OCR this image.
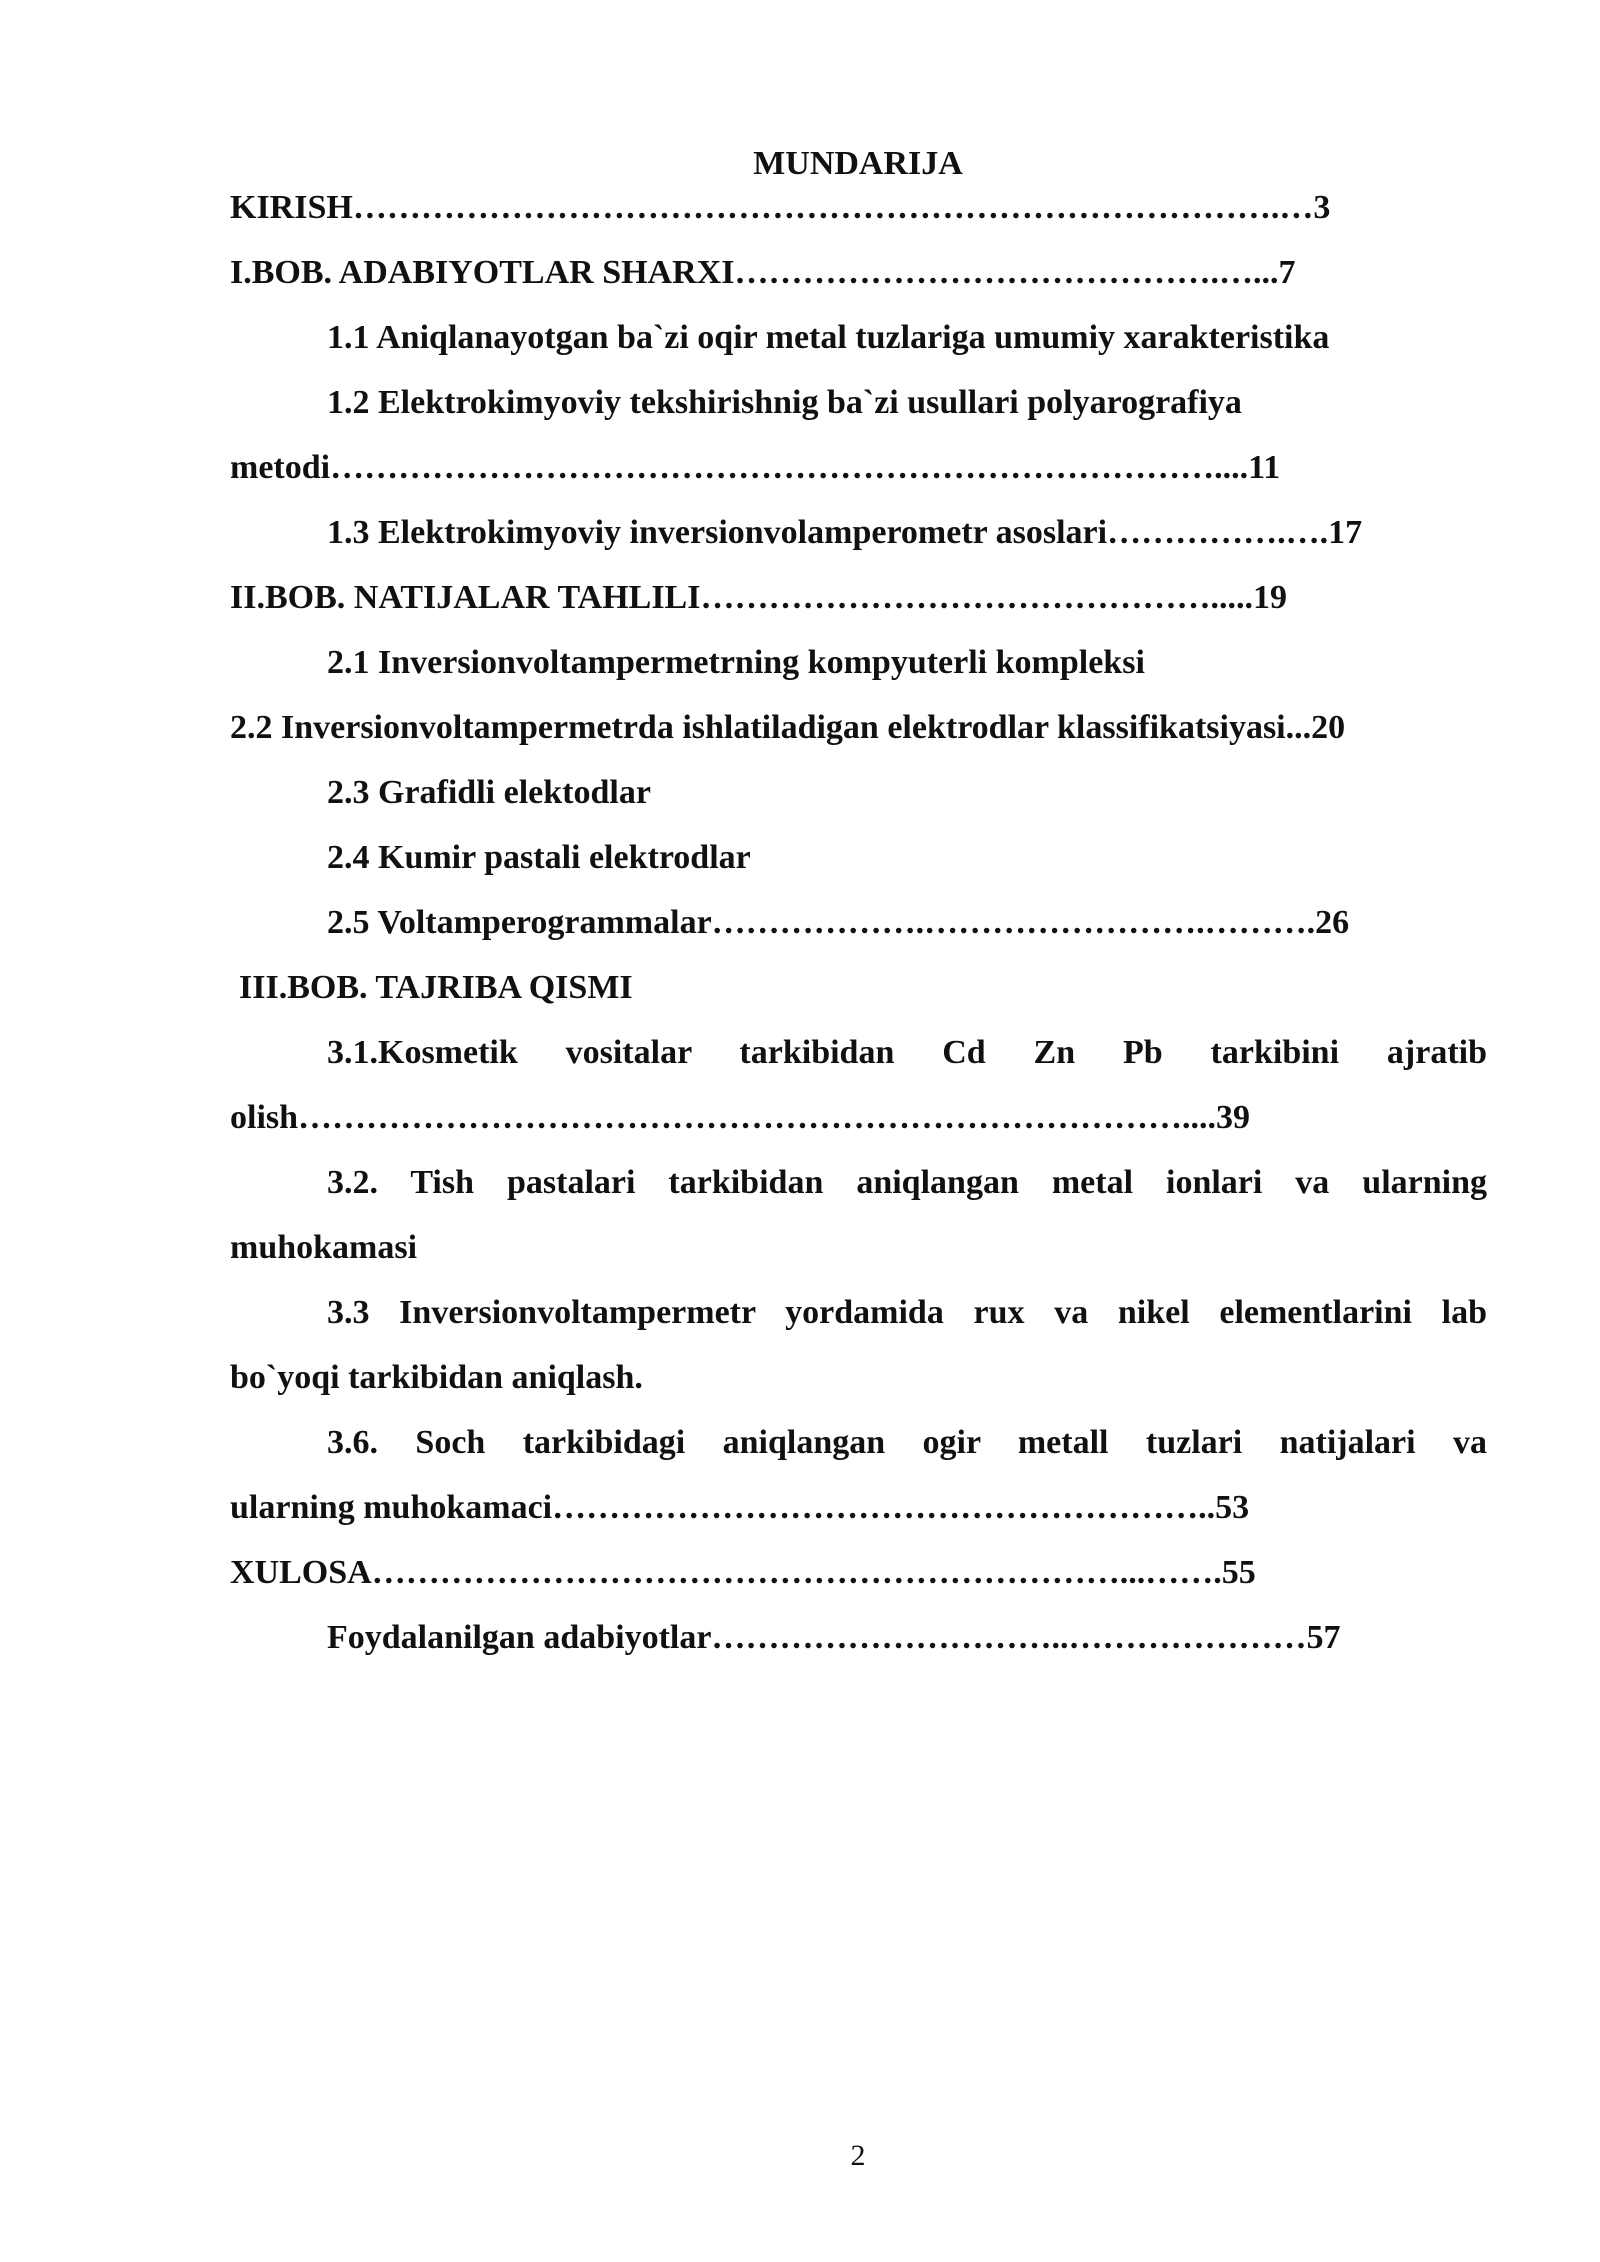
MUNDARIJA
KIRISH……………………………………………………………………….…3
I.BOB. ADABIYOTLAR SHARXI…………………………………….…...7
1.1 Aniqlanayotgan ba`zi oqir metal tuzlariga umumiy xarakteristika
1.2 Elektrokimyoviy tekshirishnig ba`zi usullari polyarografiya
metodi……………………………………………………………………....11
1.3 Elektrokimyoviy inversionvolamperometr asoslari…………….….17
II.BOB. NATIJALAR TAHLILI……………………………………….....19
2.1 Inversionvoltampermetrning kompyuterli kompleksi
2.2 Inversionvoltampermetrda ishlatiladigan elektrodlar klassifikatsiyasi...20
2.3 Grafidli elektodlar
2.4 Kumir pastali elektrodlar
2.5 Voltamperogrammalar……………….…………………….……….26
III.BOB. TAJRIBA QISMI
3.1.Kosmetik vositalar tarkibidan Cd Zn Pb tarkibini ajratib
olish……………………………………………………………………....39
3.2. Tish pastalari tarkibidan aniqlangan metal ionlari va ularning
muhokamasi
3.3 Inversionvoltampermetr yordamida rux va nikel elementlarini lab
bo`yoqi tarkibidan aniqlash.
3.6. Soch tarkibidagi aniqlangan ogir metall tuzlari natijalari va
ularning muhokamaci…………………………………………………..53
XULOSA…………………………………………………………...…….55
Foydalanilgan adabiyotlar…………………………..…………………57
2
